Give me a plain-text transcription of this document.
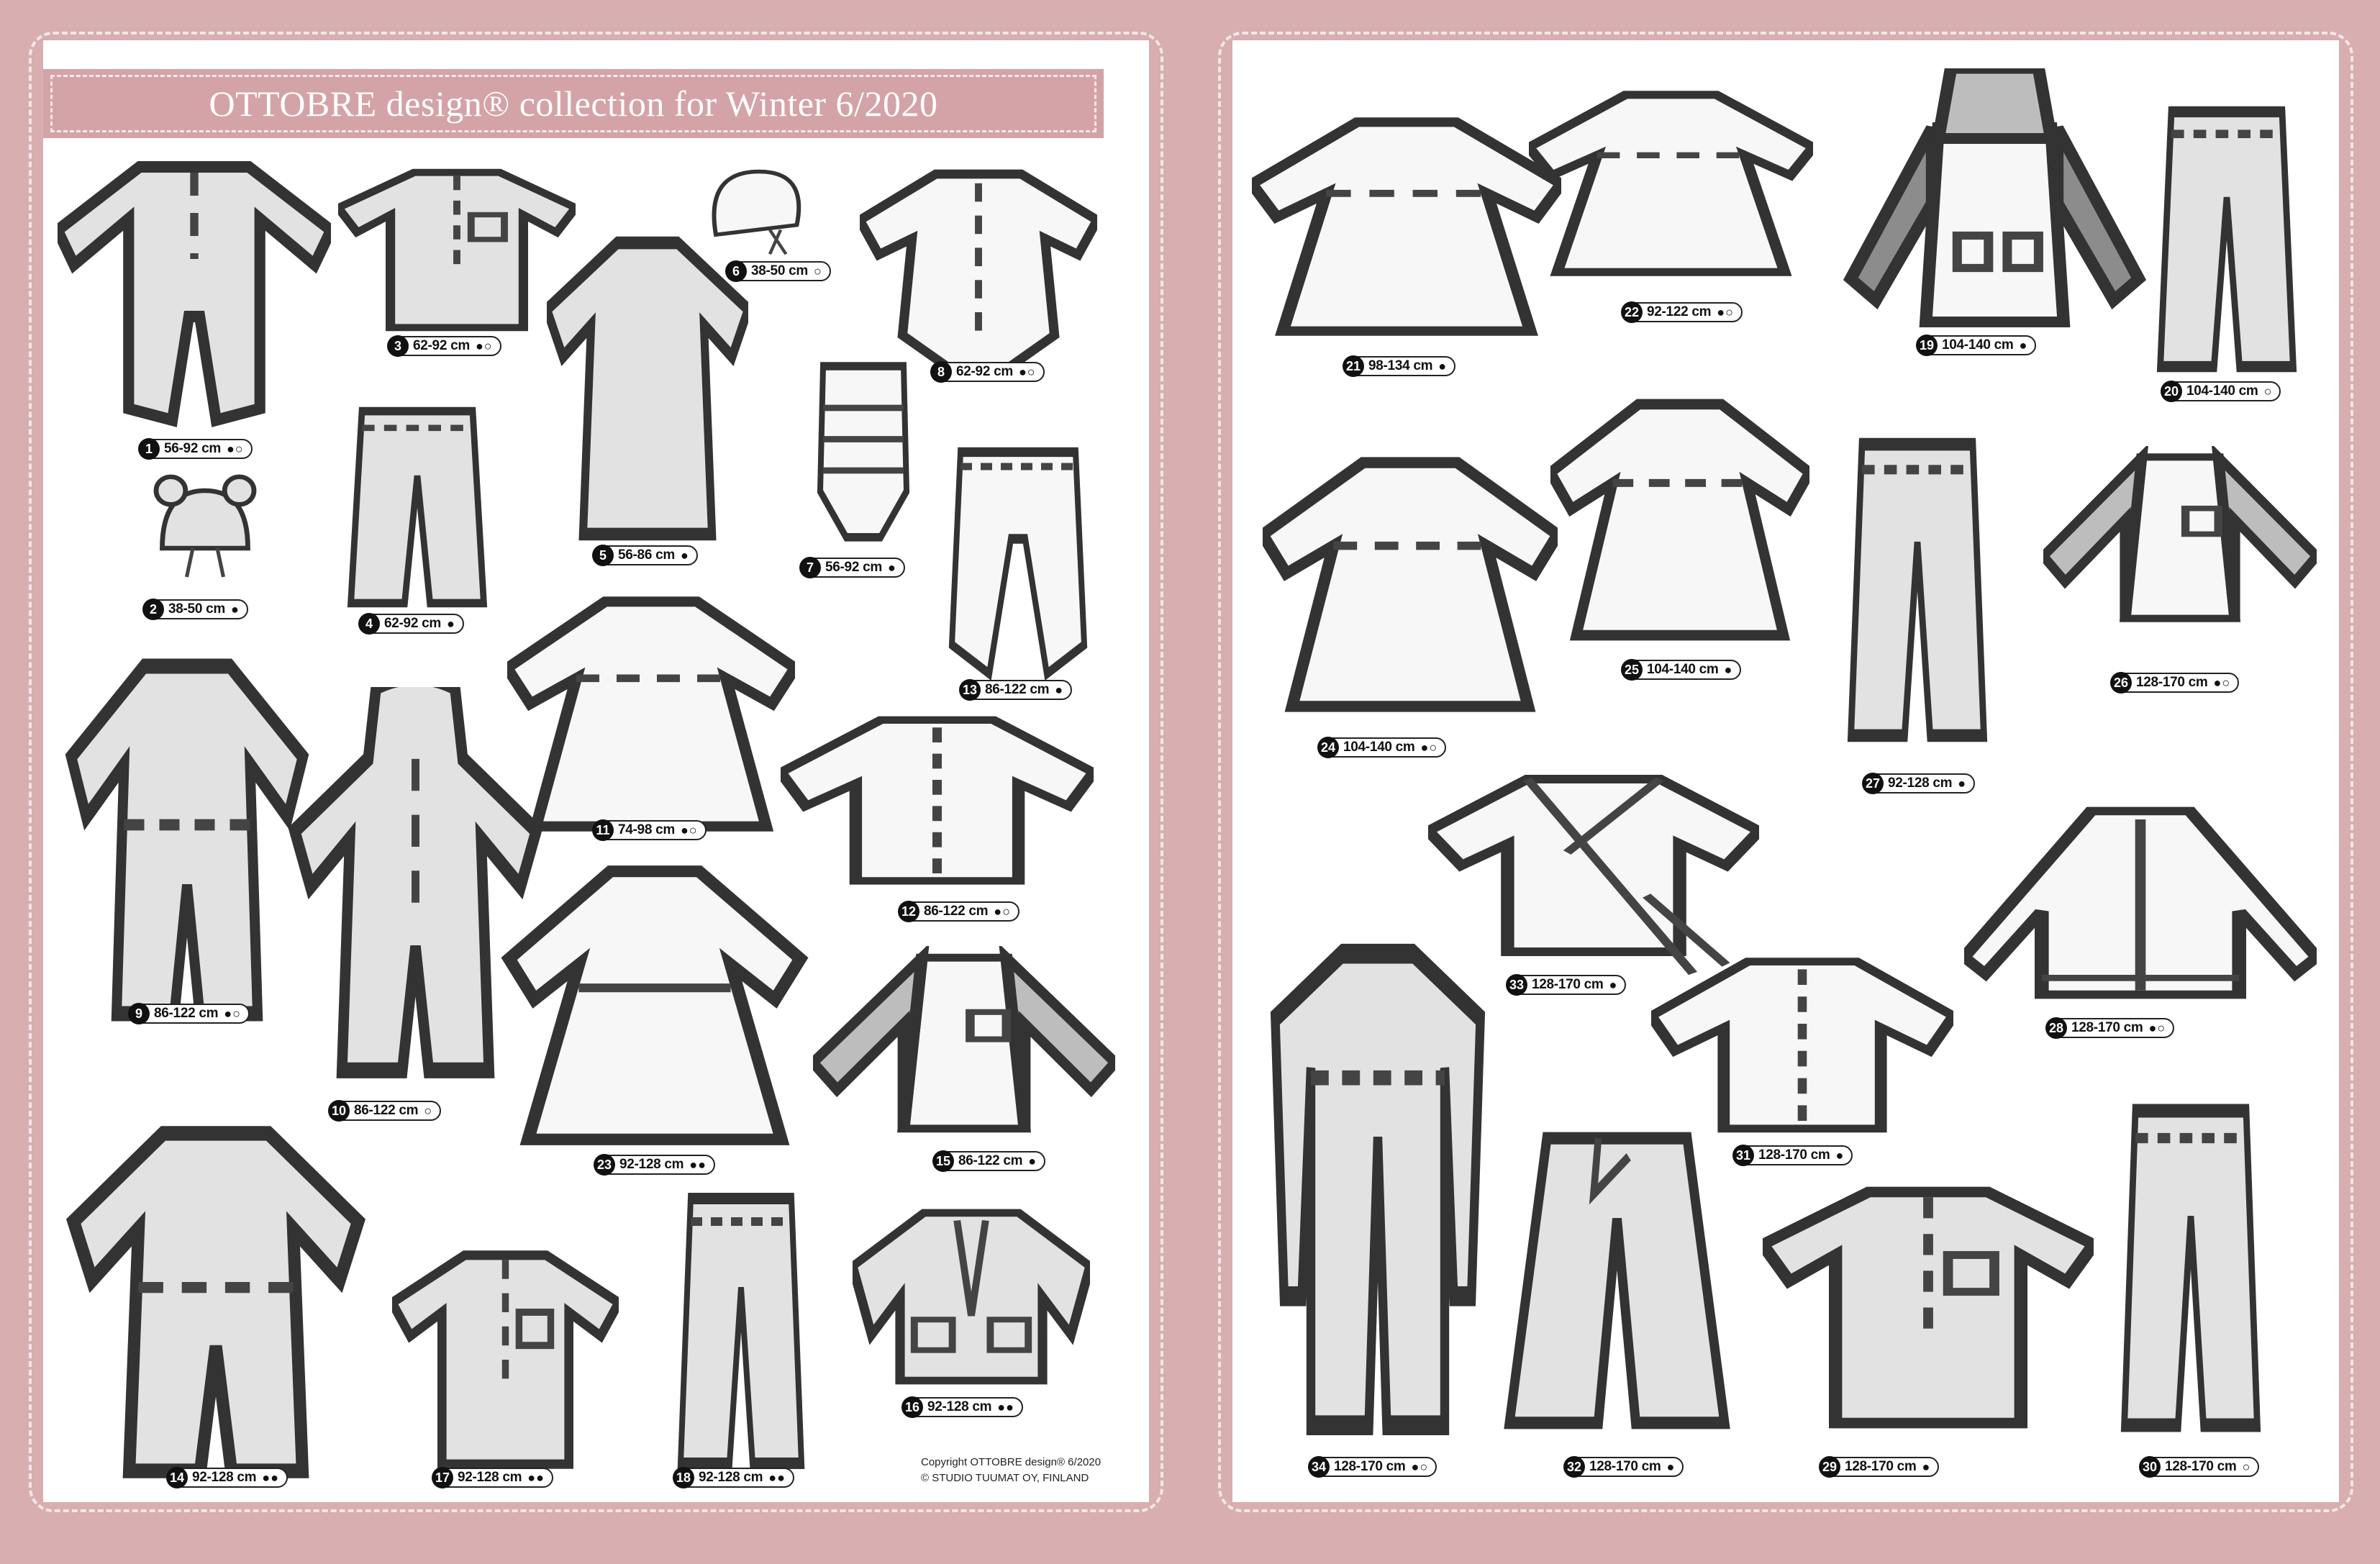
OTTOBRE design® collection for Winter 6/2020
Copyright OTTOBRE design® 6/2020
© STUDIO TUUMAT OY, FINLAND
1 56-92 cm ●○
2 38-50 cm ●
3 62-92 cm ●○
4 62-92 cm ●
5 56-86 cm ●
6 38-50 cm ○
7 56-92 cm ●
8 62-92 cm ●○
9 86-122 cm ●○
10 86-122 cm ○
11 74-98 cm ●○
12 86-122 cm ●○
13 86-122 cm ●
14 92-128 cm ●●
15 86-122 cm ●
16 92-128 cm ●●
17 92-128 cm ●●	18 92-128 cm ●●
19 104-140 cm ●
20 104-140 cm ○
21 98-134 cm ●
22 92-122 cm ●○
23 92-128 cm ●●
24 104-140 cm ●○
25 104-140 cm ●
26 128-170 cm ●○
27 92-128 cm ●
28 128-170 cm ●○
29 128-170 cm ●	30 128-170 cm ○
31 128-170 cm ●
32 128-170 cm ●
33 128-170 cm ●
34 128-170 cm ●○
